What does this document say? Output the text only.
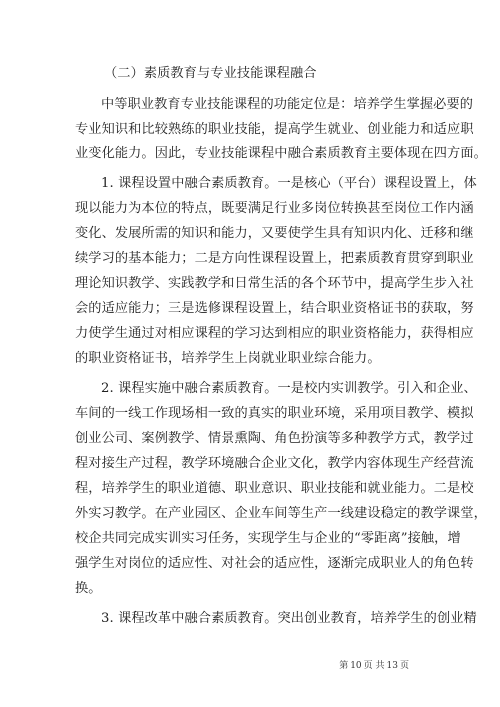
（二）素质教育与专业技能课程融合
中等职业教育专业技能课程的功能定位是：培养学生掌握必要的
专业知识和比较熟练的职业技能，提高学生就业、创业能力和适应职
业变化能力。因此，专业技能课程中融合素质教育主要体现在四方面。
1. 课程设置中融合素质教育。一是核心（平台）课程设置上，体
现以能力为本位的特点，既要满足行业多岗位转换甚至岗位工作内涵
变化、发展所需的知识和能力，又要使学生具有知识内化、迁移和继
续学习的基本能力；二是方向性课程设置上，把素质教育贯穿到职业
理论知识教学、实践教学和日常生活的各个环节中，提高学生步入社
会的适应能力；三是选修课程设置上，结合职业资格证书的获取，努
力使学生通过对相应课程的学习达到相应的职业资格能力，获得相应
的职业资格证书，培养学生上岗就业职业综合能力。
2. 课程实施中融合素质教育。一是校内实训教学。引入和企业、
车间的一线工作现场相一致的真实的职业环境，采用项目教学、模拟
创业公司、案例教学、情景熏陶、角色扮演等多种教学方式，教学过
程对接生产过程，教学环境融合企业文化，教学内容体现生产经营流
程，培养学生的职业道德、职业意识、职业技能和就业能力。二是校
外实习教学。在产业园区、企业车间等生产一线建设稳定的教学课堂，
校企共同完成实训实习任务，实现学生与企业的“零距离”接触，增
强学生对岗位的适应性、对社会的适应性，逐渐完成职业人的角色转
换。
3. 课程改革中融合素质教育。突出创业教育，培养学生的创业精
第 10 页 共 13 页
